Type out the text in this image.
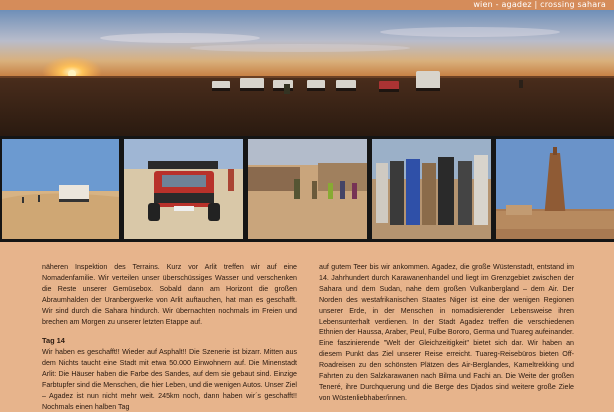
wien - agadez | crossing sahara

näheren Inspektion des Terrains. Kurz vor Arlit treffen wir auf eine Nomadenfamilie. Wir verteilen unser überschüssiges Wasser und verschenken die Reste unserer Gemüsebox. Sobald dann am Horizont die großen Abraumhalden der Uranbergwerke von Arlit auftauchen, hat man es geschafft. Wir sind durch die Sahara hindurch. Wir übernachten nochmals im Freien und brechen am Morgen zu unserer letzten Etappe auf.

Tag 14

Wir haben es geschafft!! Wieder auf Asphalt!! Die Szenerie ist bizarr. Mitten aus dem Nichts taucht eine Stadt mit etwa 50.000 Einwohnern auf. Die Minenstadt Arlit: Die Häuser haben die Farbe des Sandes, auf dem sie gebaut sind. Einzige Farbtupfer sind die Menschen, die hier Leben, und die wenigen Autos. Unser Ziel – Agadez ist nun nicht mehr weit. 245km noch, dann haben wir´s geschafft!! Nochmals einen halben Tag

auf gutem Teer bis wir ankommen. Agadez, die große Wüstenstadt, entstand im 14. Jahrhundert durch Karawanenhandel und liegt im Grenzgebiet zwischen der Sahara und dem Sudan, nahe dem großen Vulkanbergland – dem Air. Der Norden des westafrikanischen Staates Niger ist eine der wenigen Regionen unserer Erde, in der Menschen in nomadisierender Lebensweise ihren Lebensunterhalt verdienen. In der Stadt Agadez treffen die verschiedenen Ethnien der Haussa, Araber, Peul, Fulbe Bororo, Germa und Tuareg aufeinander. Eine faszinierende "Welt der Gleichzeitigkeit" bietet sich dar. Wir haben an diesem Punkt das Ziel unserer Reise erreicht. Tuareg-Reisebüros bieten Off-Roadreisen zu den schönsten Plätzen des Air-Berglandes, Kameltrekking und Fahrten zu den Salzkarawanen nach Bilma und Fachi an. Die Weite der großen Teneré, ihre Durchquerung und die Berge des Djados sind weitere große Ziele von Wüstenliebhaber/innen.
